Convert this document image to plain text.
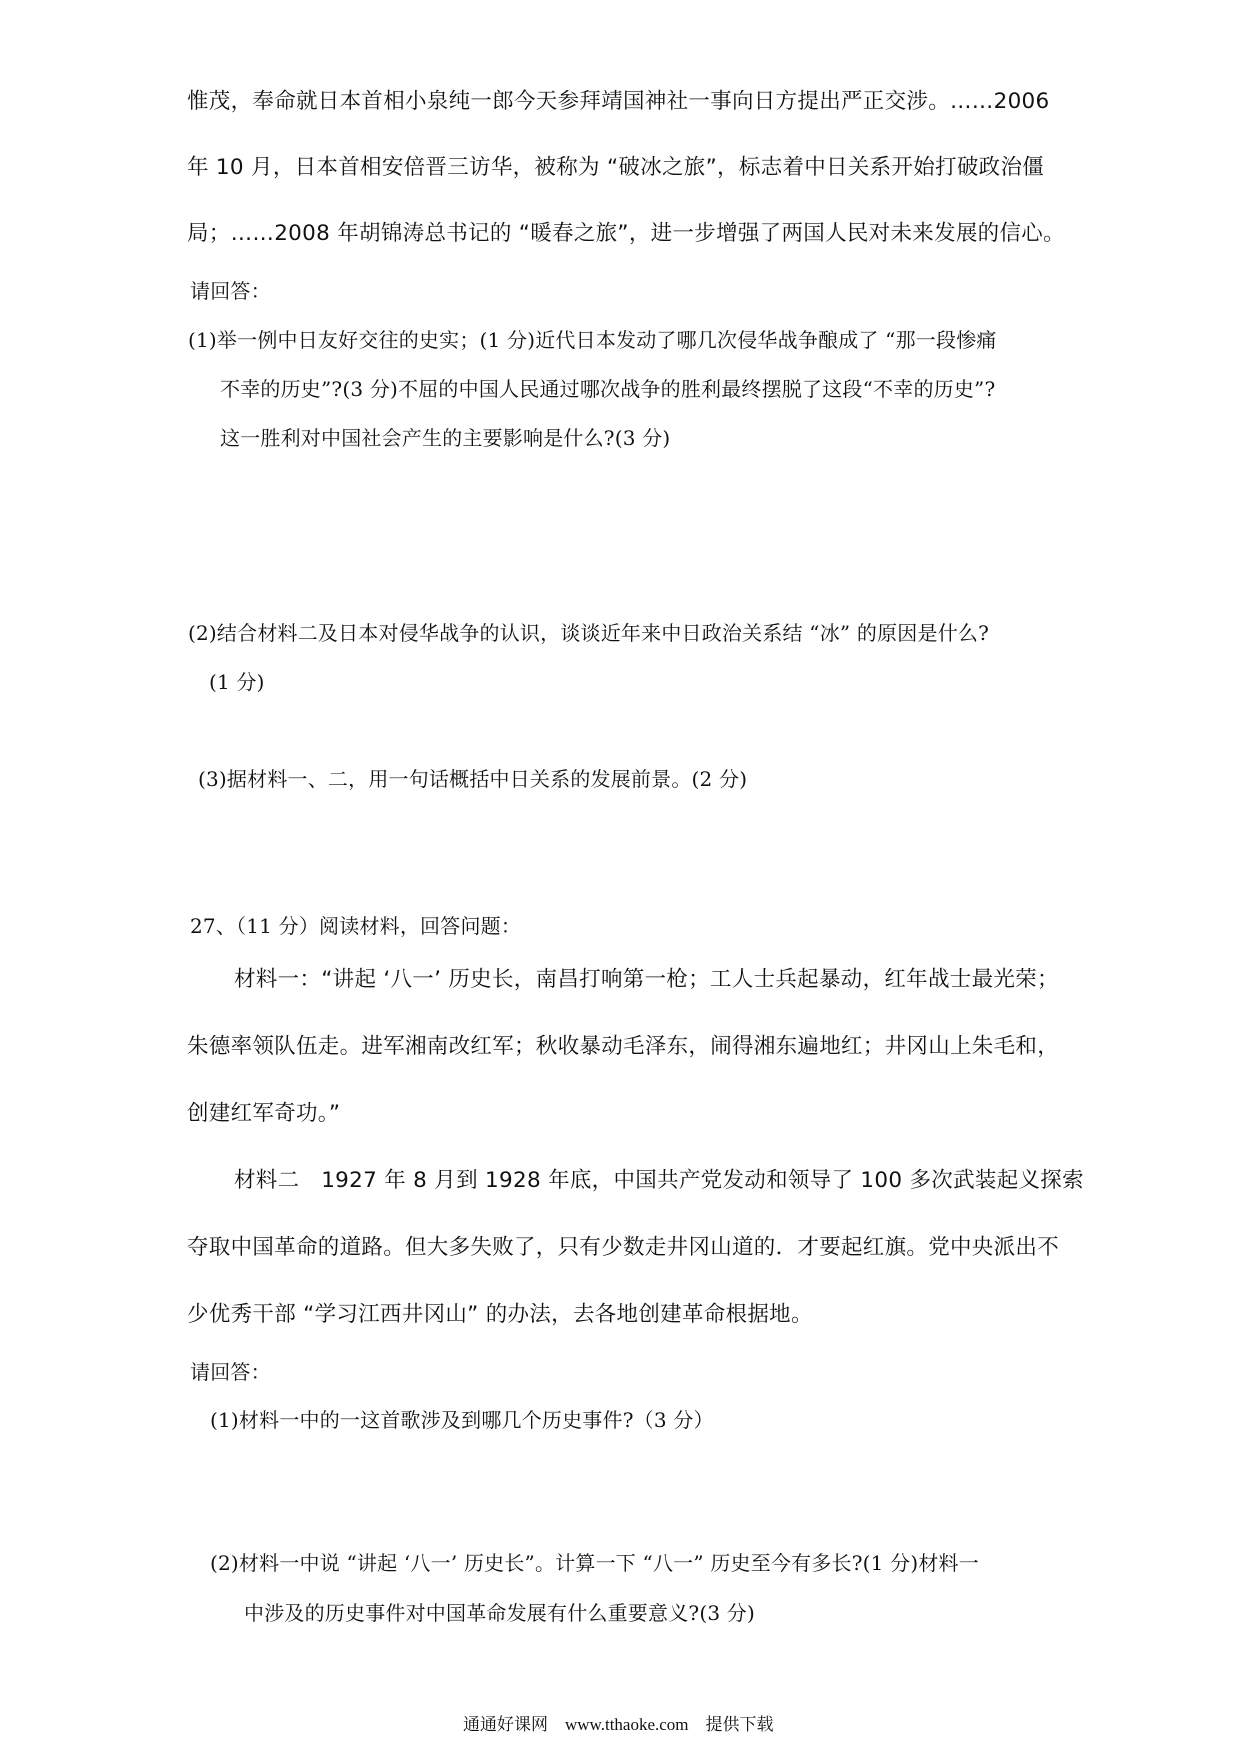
惟茂，奉命就日本首相小泉纯一郎今天参拜靖国神社一事向日方提出严正交涉。……2006
年 10 月，日本首相安倍晋三访华，被称为 “破冰之旅”，标志着中日关系开始打破政治僵
局；……2008 年胡锦涛总书记的 “暖春之旅”，进一步增强了两国人民对未来发展的信心。
请回答：
(1)举一例中日友好交往的史实；(1 分)近代日本发动了哪几次侵华战争酿成了 “那一段惨痛
不幸的历史”?(3 分)不屈的中国人民通过哪次战争的胜利最终摆脱了这段“不幸的历史”?
这一胜利对中国社会产生的主要影响是什么?(3 分)
(2)结合材料二及日本对侵华战争的认识，谈谈近年来中日政治关系结 “冰” 的原因是什么?
(1 分)
(3)据材料一、二，用一句话概括中日关系的发展前景。(2 分)
27、（11 分）阅读材料，回答问题：
材料一：“讲起 ‘八一’ 历史长，南昌打响第一枪；工人士兵起暴动，红年战士最光荣；
朱德率领队伍走。进军湘南改红军；秋收暴动毛泽东，闹得湘东遍地红；井冈山上朱毛和，
创建红军奇功。”
材料二　1927 年 8 月到 1928 年底，中国共产党发动和领导了 100 多次武装起义探索
夺取中国革命的道路。但大多失败了，只有少数走井冈山道的．才要起红旗。党中央派出不
少优秀干部 “学习江西井冈山” 的办法，去各地创建革命根据地。
请回答：
(1)材料一中的一这首歌涉及到哪几个历史事件?（3 分）
(2)材料一中说 “讲起 ‘八一’ 历史长”。计算一下 “八一” 历史至今有多长?(1 分)材料一
中涉及的历史事件对中国革命发展有什么重要意义?(3 分)
通通好课网　www.tthaoke.com　提供下载
